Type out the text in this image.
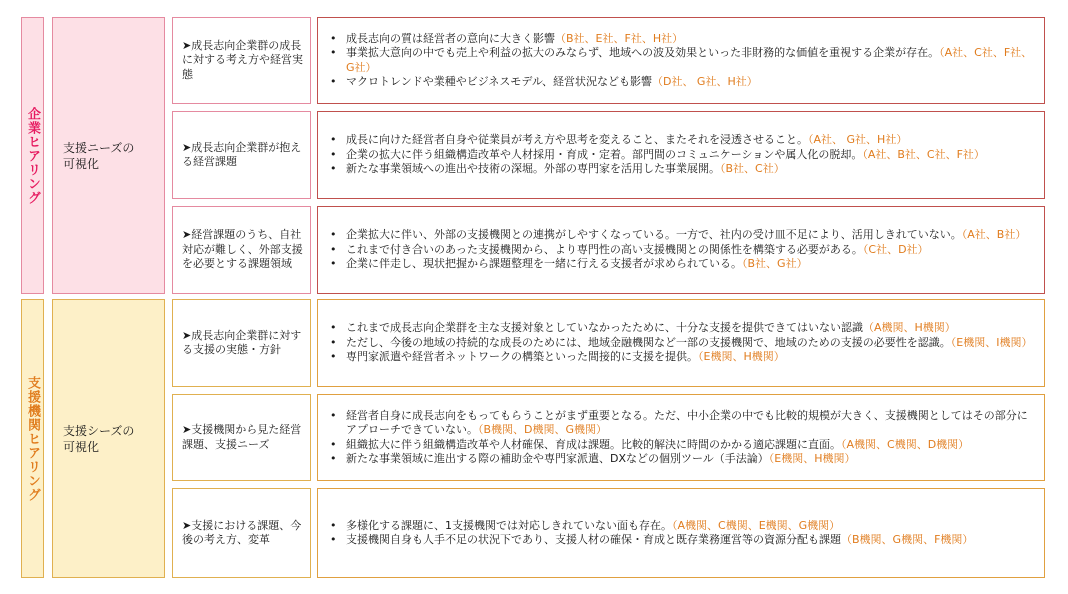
企業ヒアリング 支援ニーズの
可視化
➤成長志向企業群の成長に対する考え方や経営実態
• 成長志向の質は経営者の意向に大きく影響（B社、E社、F社、H社）
• 事業拡大意向の中でも売上や利益の拡大のみならず、地域への波及効果といった非財務的な価値を重視する企業が存在。（A社、C社、F社、G社）
• マクロトレンドや業種やビジネスモデル、経営状況なども影響（D社、 G社、H社）
➤成長志向企業群が抱える経営課題
• 成長に向けた経営者自身や従業員が考え方や思考を変えること、またそれを浸透させること。（A社、 G社、H社）
• 企業の拡大に伴う組織構造改革や人材採用・育成・定着。部門間のコミュニケーションや属人化の脱却。（A社、B社、C社、F社）
• 新たな事業領域への進出や技術の深堀。外部の専門家を活用した事業展開。（B社、C社）
➤経営課題のうち、自社対応が難しく、外部支援を必要とする課題領域
• 企業拡大に伴い、外部の支援機関との連携がしやすくなっている。一方で、社内の受け皿不足により、活用しきれていない。（A社、B社）
• これまで付き合いのあった支援機関から、より専門性の高い支援機関との関係性を構築する必要がある。（C社、D社）
• 企業に伴走し、現状把握から課題整理を一緒に行える支援者が求められている。（B社、G社）
支援機関ヒアリング 支援シーズの
可視化
➤成長志向企業群に対する支援の実態・方針
• これまで成長志向企業群を主な支援対象としていなかったために、十分な支援を提供できてはいない認識（A機関、H機関）
• ただし、今後の地域の持続的な成長のためには、地域金融機関など一部の支援機関で、地域のための支援の必要性を認識。（E機関、I機関）
• 専門家派遣や経営者ネットワークの構築といった間接的に支援を提供。（E機関、H機関）
➤支援機関から見た経営課題、支援ニーズ
• 経営者自身に成長志向をもってもらうことがまず重要となる。ただ、中小企業の中でも比較的規模が大きく、支援機関としてはその部分にアプローチできていない。（B機関、D機関、G機関）
• 組織拡大に伴う組織構造改革や人材確保、育成は課題。比較的解決に時間のかかる適応課題に直面。（A機関、C機関、D機関）
• 新たな事業領域に進出する際の補助金や専門家派遣、DXなどの個別ツール（手法論）（E機関、H機関）
➤支援における課題、今後の考え方、変革
• 多様化する課題に、1支援機関では対応しきれていない面も存在。（A機関、C機関、E機関、G機関）
• 支援機関自身も人手不足の状況下であり、支援人材の確保・育成と既存業務運営等の資源分配も課題（B機関、G機関、F機関）
